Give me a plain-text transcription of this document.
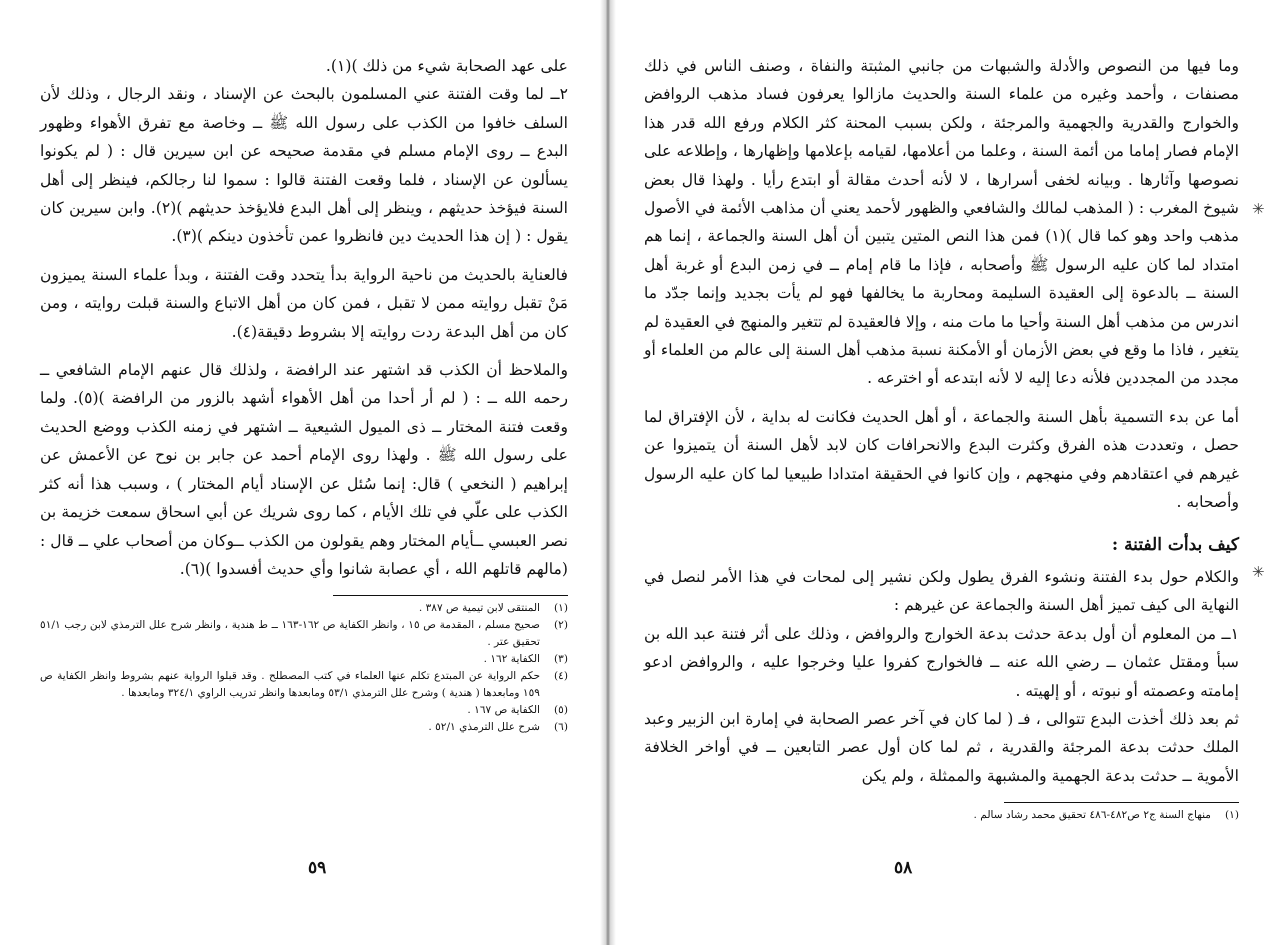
على عهد الصحابة شيء من ذلك )(١).

٢ــ لما وقت الفتنة عني المسلمون بالبحث عن الإسناد ، ونقد الرجال ، وذلك لأن السلف خافوا من الكذب على رسول الله ﷺ ــ وخاصة مع تفرق الأهواء وظهور البدع ــ روى الإمام مسلم في مقدمة صحيحه عن ابن سيرين قال : ( لم يكونوا يسألون عن الإسناد ، فلما وقعت الفتنة قالوا : سموا لنا رجالكم، فينظر إلى أهل السنة فيؤخذ حديثهم ، وينظر إلى أهل البدع فلايؤخذ حديثهم )(٢). وابن سيرين كان يقول : ( إن هذا الحديث دين فانظروا عمن تأخذون دينكم )(٣).

فالعناية بالحديث من ناحية الرواية بدأ يتحدد وقت الفتنة ، وبدأ علماء السنة يميزون مَنْ تقبل روايته ممن لا تقبل ، فمن كان من أهل الاتباع والسنة قبلت روايته ، ومن كان من أهل البدعة ردت روايته إلا بشروط دقيقة(٤).

والملاحظ أن الكذب قد اشتهر عند الرافضة ، ولذلك قال عنهم الإمام الشافعي ــ رحمه الله ــ : ( لم أر أحدا من أهل الأهواء أشهد بالزور من الرافضة )(٥). ولما وقعت فتنة المختار ــ ذى الميول الشيعية ــ اشتهر في زمنه الكذب ووضع الحديث على رسول الله ﷺ . ولهذا روى الإمام أحمد عن جابر بن نوح عن الأعمش عن إبراهيم ( النخعي ) قال: إنما سُئل عن الإسناد أيام المختار ) ، وسبب هذا أنه كثر الكذب على علّي في تلك الأيام ، كما روى شريك عن أبي اسحاق سمعت خزيمة بن نصر العبسي ــأيام المختار وهم يقولون من الكذب ــوكان من أصحاب علي ــ قال : (مالهم قاتلهم الله ، أي عصابة شانوا وأي حديث أفسدوا )(٦).

(١)
المنتقى لابن تيمية ص ٣٨٧ .
(٢)
صحيح مسلم ، المقدمة ص ١٥ ، وانظر الكفاية ص ١٦٢-١٦٣ ــ ط هندية ، وانظر شرح علل الترمذي لابن رجب ٥١/١ تحقيق عتر .
(٣)
الكفاية ١٦٢ .
(٤)
حكم الرواية عن المبتدع تكلم عنها العلماء في كتب المصطلح . وقد قبلوا الرواية عنهم بشروط وانظر الكفاية ص ١٥٩ ومابعدها ( هندية ) وشرح علل الترمذي ٥٣/١ ومابعدها وانظر تدريب الراوي ٣٢٤/١ ومابعدها .
(٥)
الكفاية ص ١٦٧ .
(٦)
شرح علل الترمذي ٥٢/١ .
٥٩
✳
✳

وما فيها من النصوص والأدلة والشبهات من جانبي المثبتة والنفاة ، وصنف الناس في ذلك مصنفات ، وأحمد وغيره من علماء السنة والحديث مازالوا يعرفون فساد مذهب الروافض والخوارج والقدرية والجهمية والمرجئة ، ولكن بسبب المحنة كثر الكلام ورفع الله قدر هذا الإمام فصار إماما من أئمة السنة ، وعلما من أعلامها، لقيامه بإعلامها وإظهارها ، وإطلاعه على نصوصها وآثارها . وبيانه لخفى أسرارها ، لا لأنه أحدث مقالة أو ابتدع رأيا . ولهذا قال بعض شيوخ المغرب : ( المذهب لمالك والشافعي والظهور لأحمد يعني أن مذاهب الأئمة في الأصول مذهب واحد وهو كما قال )(١) فمن هذا النص المتين يتبين أن أهل السنة والجماعة ، إنما هم امتداد لما كان عليه الرسول ﷺ وأصحابه ، فإذا ما قام إمام ــ في زمن البدع أو غربة أهل السنة ــ بالدعوة إلى العقيدة السليمة ومحاربة ما يخالفها فهو لم يأت بجديد وإنما جدّد ما اندرس من مذهب أهل السنة وأحيا ما مات منه ، وإلا فالعقيدة لم تتغير والمنهج في العقيدة لم يتغير ، فاذا ما وقع في بعض الأزمان أو الأمكنة نسبة مذهب أهل السنة إلى عالم من العلماء أو مجدد من المجددين فلأنه دعا إليه لا لأنه ابتدعه أو اخترعه .

أما عن بدء التسمية بأهل السنة والجماعة ، أو أهل الحديث فكانت له بداية ، لأن الإفتراق لما حصل ، وتعددت هذه الفرق وكثرت البدع والانحرافات كان لابد لأهل السنة أن يتميزوا عن غيرهم في اعتقادهم وفي منهجهم ، وإن كانوا في الحقيقة امتدادا طبيعيا لما كان عليه الرسول وأصحابه .

كيف بدأت الفتنة :

والكلام حول بدء الفتنة ونشوء الفرق يطول ولكن نشير إلى لمحات في هذا الأمر لنصل في النهاية الى كيف تميز أهل السنة والجماعة عن غيرهم :

١ــ من المعلوم أن أول بدعة حدثت بدعة الخوارج والروافض ، وذلك على أثر فتنة عبد الله بن سبأ ومقتل عثمان ــ رضي الله عنه ــ فالخوارج كفروا عليا وخرجوا عليه ، والروافض ادعو إمامته وعصمته أو نبوته ، أو إلهيته .

ثم بعد ذلك أخذت البدع تتوالى ، فـ ( لما كان في آخر عصر الصحابة في إمارة ابن الزبير وعبد الملك حدثت بدعة المرجئة والقدرية ، ثم لما كان أول عصر التابعين ــ في أواخر الخلافة الأموية ــ حدثت بدعة الجهمية والمشبهة والممثلة ، ولم يكن

(١)
منهاج السنة ج٢ ص٤٨٢-٤٨٦ تحقيق محمد رشاد سالم .
٥٨
